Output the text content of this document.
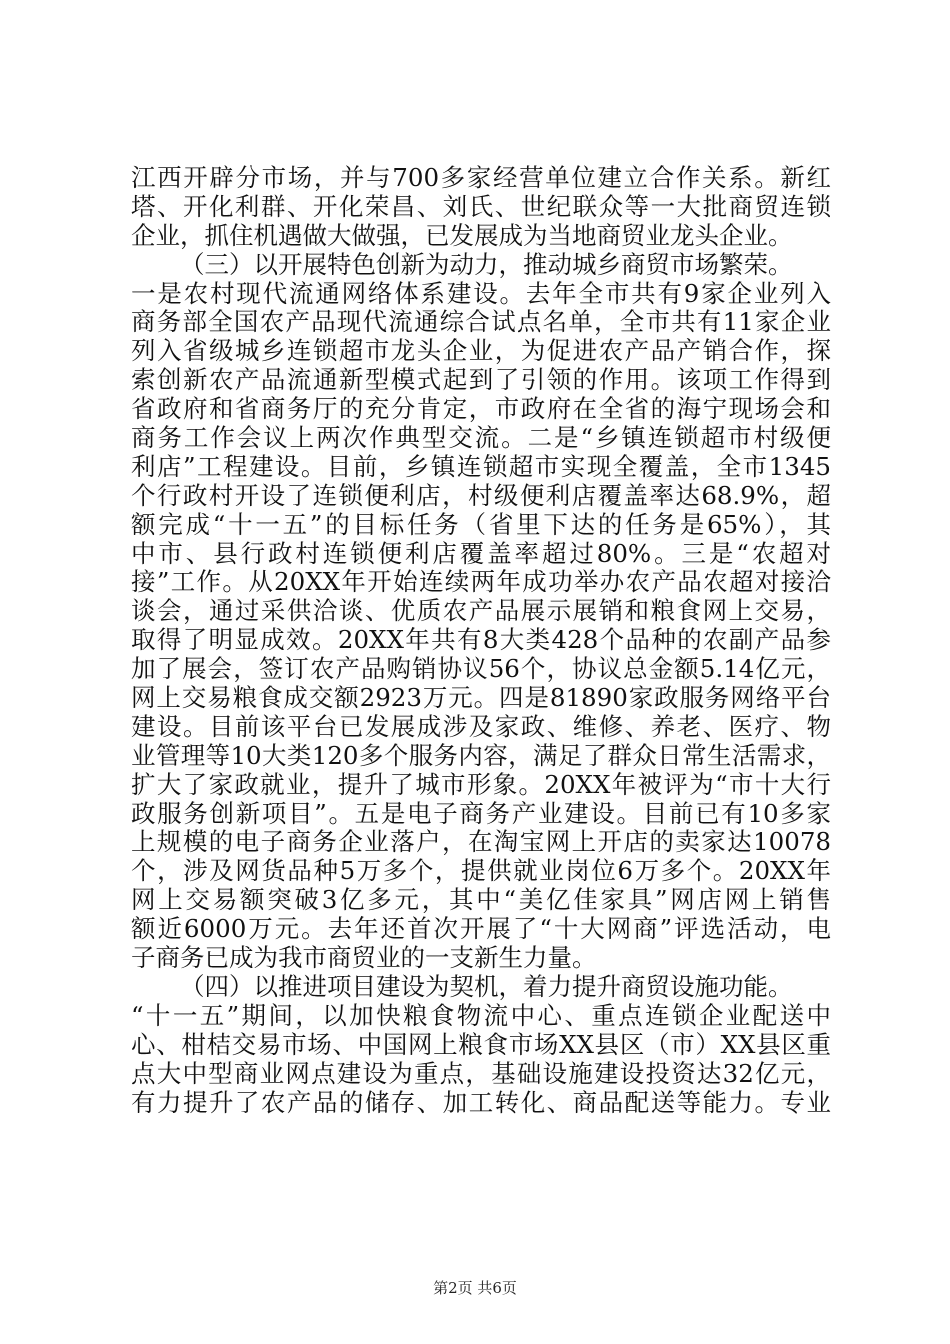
江西开辟分市场，并与700多家经营单位建立合作关系。新红
塔、开化利群、开化荣昌、刘氏、世纪联众等一大批商贸连锁
企业，抓住机遇做大做强，已发展成为当地商贸业龙头企业。
（三）以开展特色创新为动力，推动城乡商贸市场繁荣。
一是农村现代流通网络体系建设。去年全市共有9家企业列入
商务部全国农产品现代流通综合试点名单，全市共有11家企业
列入省级城乡连锁超市龙头企业，为促进农产品产销合作，探
索创新农产品流通新型模式起到了引领的作用。该项工作得到
省政府和省商务厅的充分肯定，市政府在全省的海宁现场会和
商务工作会议上两次作典型交流。二是“乡镇连锁超市村级便
利店”工程建设。目前，乡镇连锁超市实现全覆盖，全市1345
个行政村开设了连锁便利店，村级便利店覆盖率达68.9%，超
额完成“十一五”的目标任务（省里下达的任务是65%），其
中市、县行政村连锁便利店覆盖率超过80%。三是“农超对
接”工作。从20XX年开始连续两年成功举办农产品农超对接洽
谈会，通过采供洽谈、优质农产品展示展销和粮食网上交易，
取得了明显成效。20XX年共有8大类428个品种的农副产品参
加了展会，签订农产品购销协议56个，协议总金额5.14亿元，
网上交易粮食成交额2923万元。四是81890家政服务网络平台
建设。目前该平台已发展成涉及家政、维修、养老、医疗、物
业管理等10大类120多个服务内容，满足了群众日常生活需求，
扩大了家政就业，提升了城市形象。20XX年被评为“市十大行
政服务创新项目”。五是电子商务产业建设。目前已有10多家
上规模的电子商务企业落户，在淘宝网上开店的卖家达10078
个，涉及网货品种5万多个，提供就业岗位6万多个。20XX年
网上交易额突破3亿多元，其中“美亿佳家具”网店网上销售
额近6000万元。去年还首次开展了“十大网商”评选活动，电
子商务已成为我市商贸业的一支新生力量。
（四）以推进项目建设为契机，着力提升商贸设施功能。
“十一五”期间，以加快粮食物流中心、重点连锁企业配送中
心、柑桔交易市场、中国网上粮食市场XX县区（市）XX县区重
点大中型商业网点建设为重点，基础设施建设投资达32亿元，
有力提升了农产品的储存、加工转化、商品配送等能力。专业
第2页 共6页
